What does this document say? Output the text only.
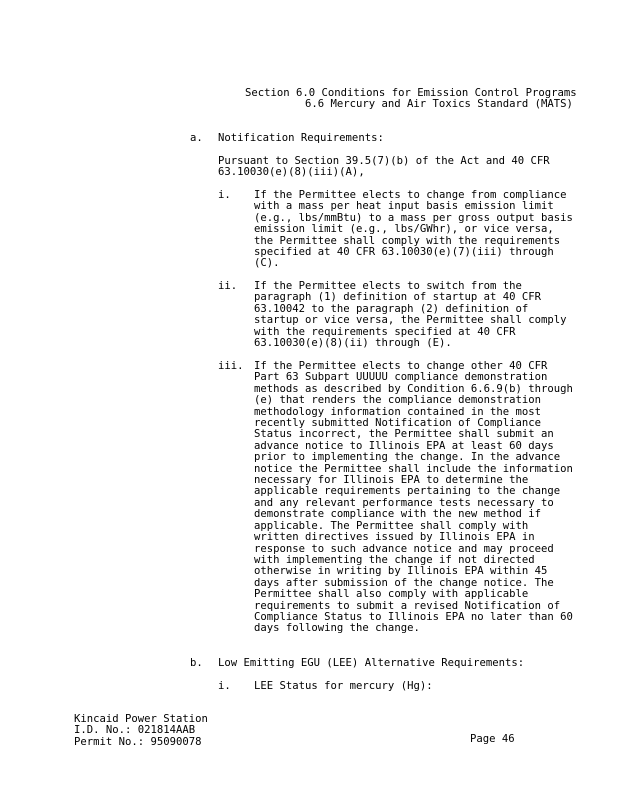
Section 6.0 Conditions for Emission Control Programs
6.6 Mercury and Air Toxics Standard (MATS)
a. Notification Requirements:
Pursuant to Section 39.5(7)(b) of the Act and 40 CFR 63.10030(e)(8)(iii)(A),
i.	If the Permittee elects to change from compliance with a mass per heat input basis emission limit (e.g., lbs/mmBtu) to a mass per gross output basis emission limit (e.g., lbs/GWhr), or vice versa, the Permittee shall comply with the requirements specified at 40 CFR 63.10030(e)(7)(iii) through (C).
ii.	If the Permittee elects to switch from the paragraph (1) definition of startup at 40 CFR 63.10042 to the paragraph (2) definition of startup or vice versa, the Permittee shall comply with the requirements specified at 40 CFR 63.10030(e)(8)(ii) through (E).
iii. If the Permittee elects to change other 40 CFR Part 63 Subpart UUUUU compliance demonstration methods as described by Condition 6.6.9(b) through (e) that renders the compliance demonstration methodology information contained in the most recently submitted Notification of Compliance Status incorrect, the Permittee shall submit an advance notice to Illinois EPA at least 60 days prior to implementing the change. In the advance notice the Permittee shall include the information necessary for Illinois EPA to determine the applicable requirements pertaining to the change and any relevant performance tests necessary to demonstrate compliance with the new method if applicable. The Permittee shall comply with written directives issued by Illinois EPA in response to such advance notice and may proceed with implementing the change if not directed otherwise in writing by Illinois EPA within 45 days after submission of the change notice. The Permittee shall also comply with applicable requirements to submit a revised Notification of Compliance Status to Illinois EPA no later than 60 days following the change.
b. Low Emitting EGU (LEE) Alternative Requirements:
i.	LEE Status for mercury (Hg):
Kincaid Power Station
I.D. No.: 021814AAB
Permit No.: 95090078	Page 46
